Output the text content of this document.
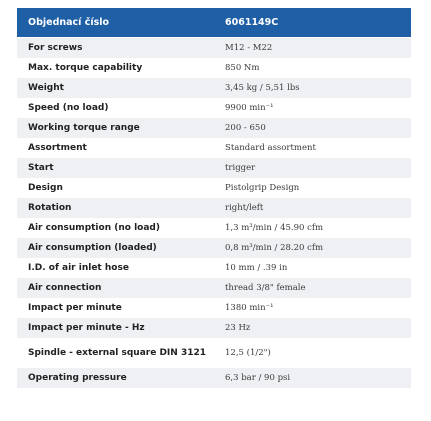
Objednací číslo	6061149C
For screws	M12 - M22
Max. torque capability	850 Nm
Weight	3,45 kg / 5,51 lbs
Speed (no load)	9900 min⁻¹
Working torque range	200 - 650
Assortment	Standard assortment
Start	trigger
Design	Pistolgrip Design
Rotation	right/left
Air consumption (no load)	1,3 m³/min / 45.90 cfm
Air consumption (loaded)	0,8 m³/min / 28.20 cfm
I.D. of air inlet hose	10 mm / .39 in
Air connection	thread 3/8" female
Impact per minute	1380 min⁻¹
Impact per minute - Hz	23 Hz
Spindle - external square DIN 3121	12,5 (1/2")
Operating pressure	6,3 bar / 90 psi
